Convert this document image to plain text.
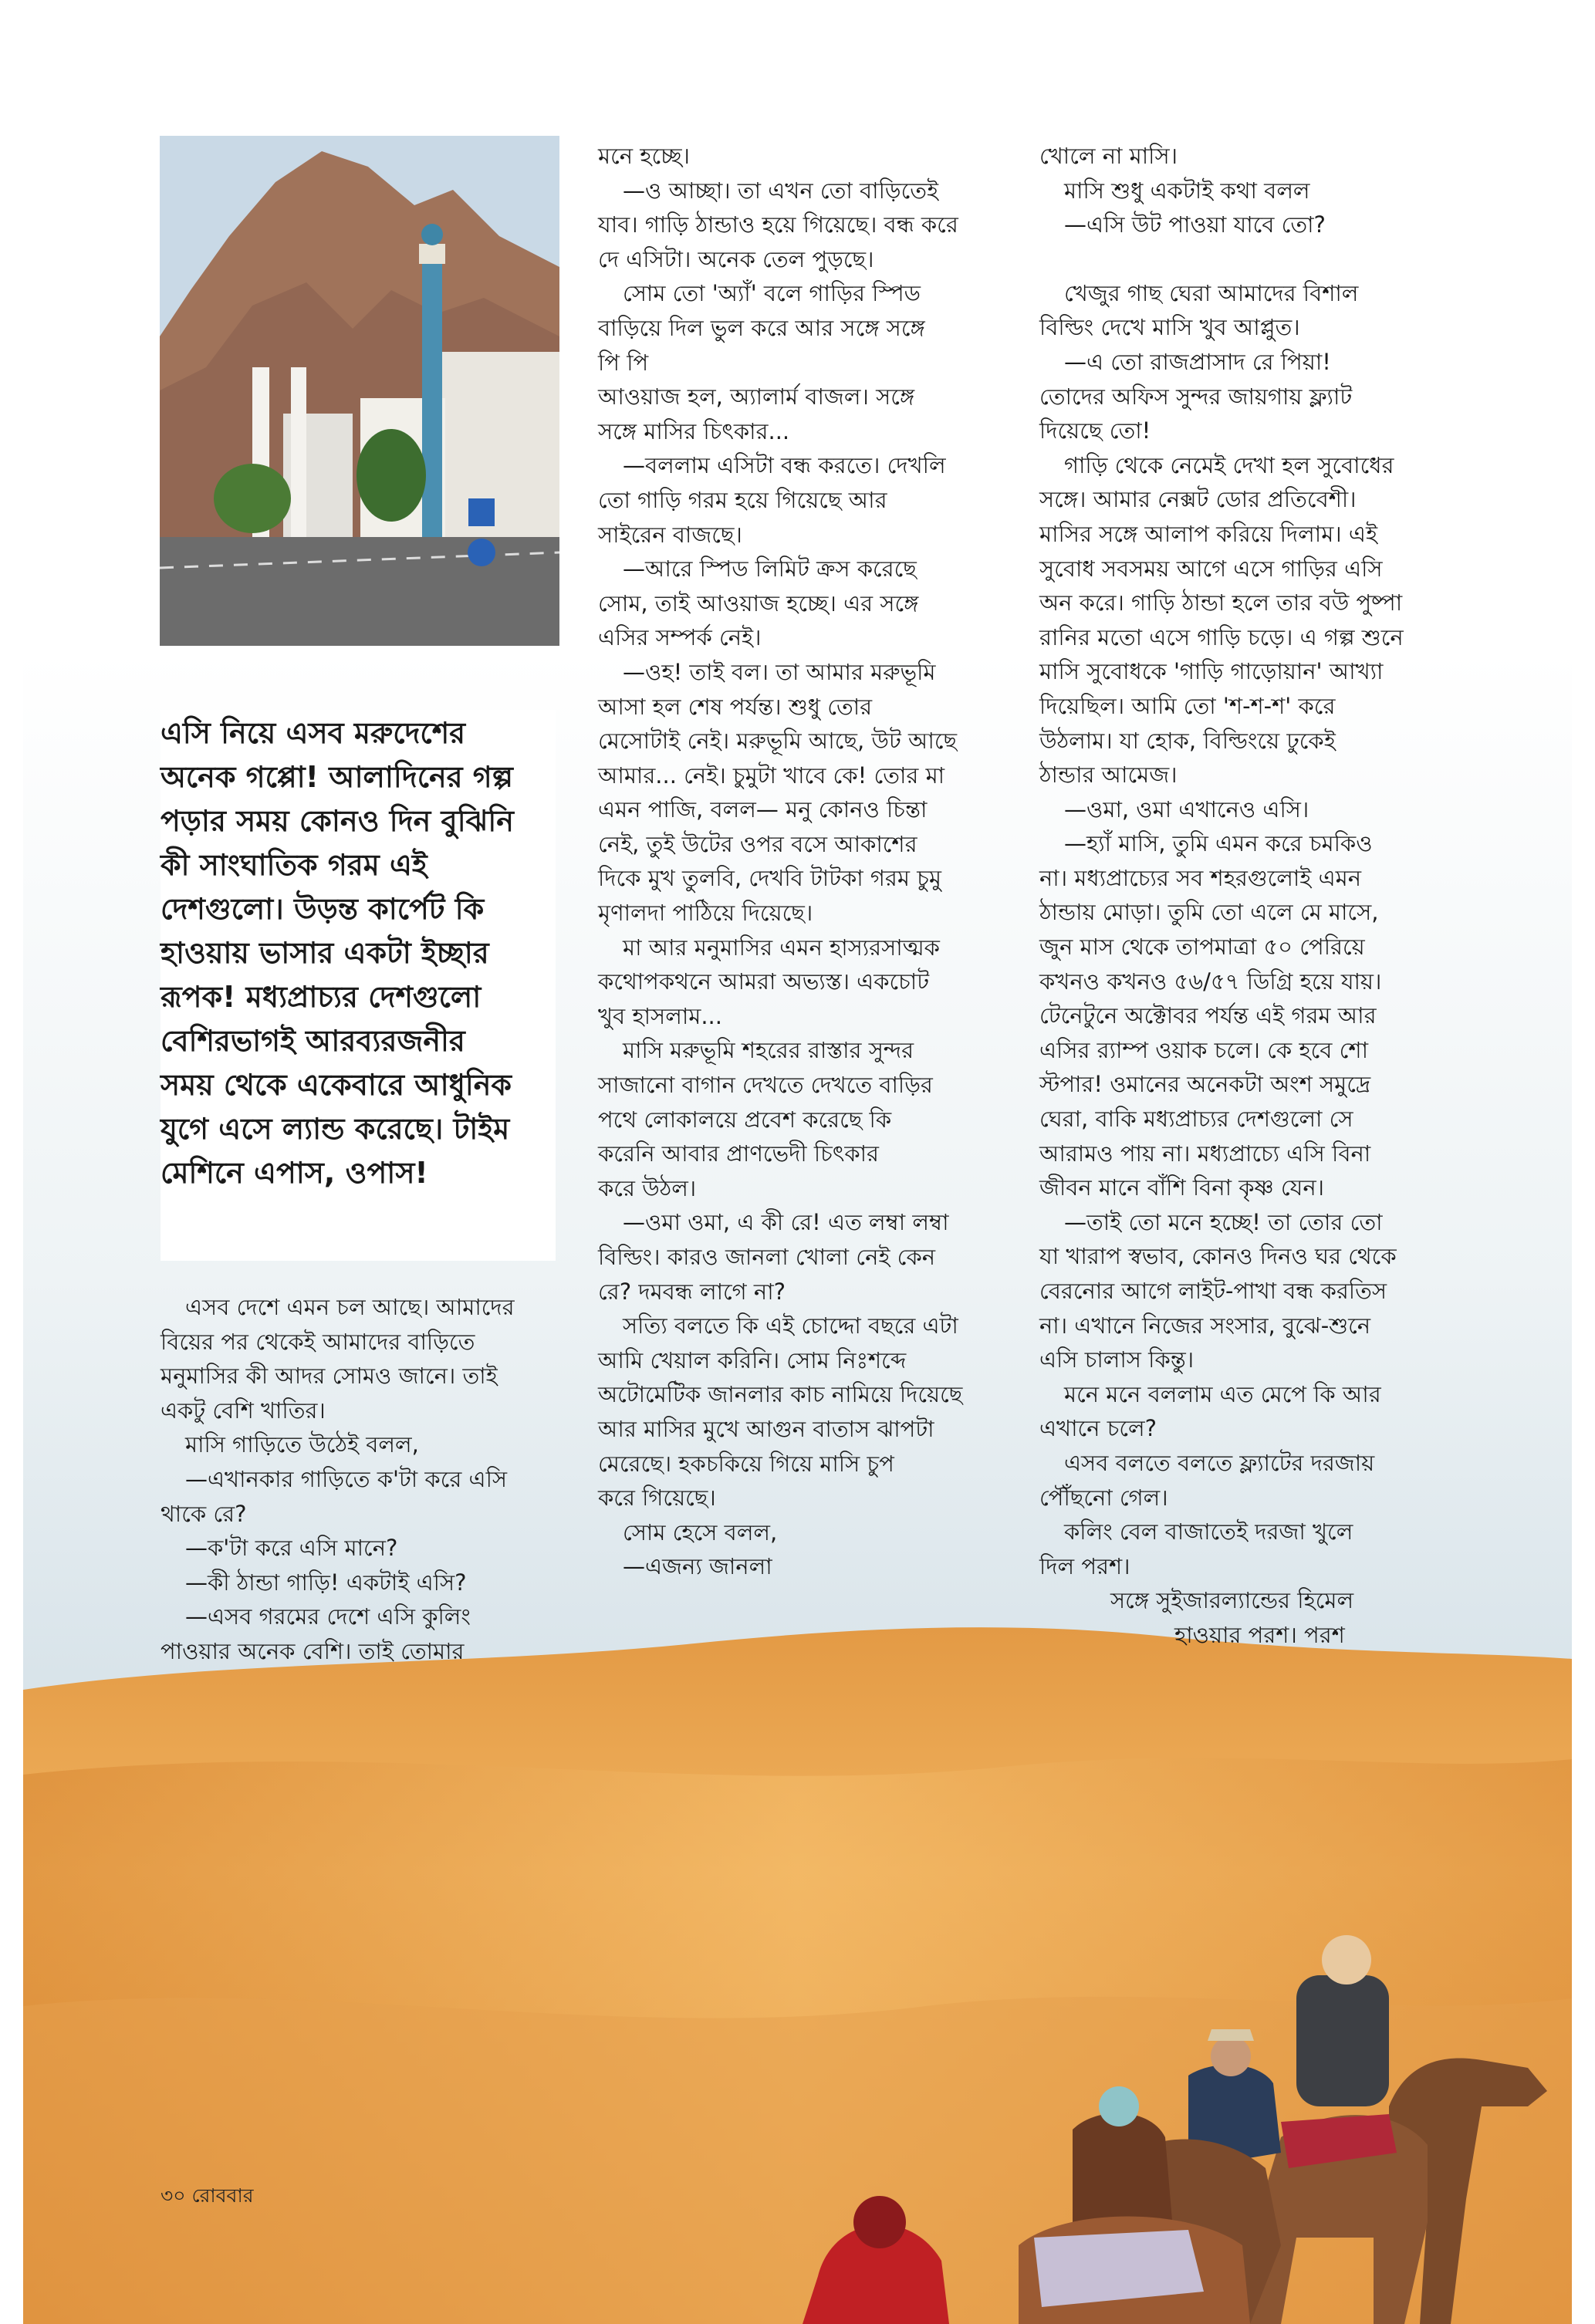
এসি নিয়ে এসব মরুদেশের

অনেক গপ্পো! আলাদিনের গল্প

পড়ার সময় কোনও দিন বুঝিনি

কী সাংঘাতিক গরম এই

দেশগুলো। উড়ন্ত কার্পেট কি

হাওয়ায় ভাসার একটা ইচ্ছার

রূপক! মধ্যপ্রাচ্যর দেশগুলো

বেশিরভাগই আরব্যরজনীর

সময় থেকে একেবারে আধুনিক

যুগে এসে ল্যান্ড করেছে। টাইম

মেশিনে এপাস, ওপাস!

এসব দেশে এমন চল আছে। আমাদের

বিয়ের পর থেকেই আমাদের বাড়িতে

মনুমাসির কী আদর সোমও জানে। তাই

একটু বেশি খাতির।

মাসি গাড়িতে উঠেই বলল,

—এখানকার গাড়িতে ক'টা করে এসি

থাকে রে?

—ক'টা করে এসি মানে?

—কী ঠান্ডা গাড়ি! একটাই এসি?

—এসব গরমের দেশে এসি কুলিং

পাওয়ার অনেক বেশি। তাই তোমার

মনে হচ্ছে।

—ও আচ্ছা। তা এখন তো বাড়িতেই

যাব। গাড়ি ঠান্ডাও হয়ে গিয়েছে। বন্ধ করে

দে এসিটা। অনেক তেল পুড়ছে।

সোম তো 'অ্যাঁ' বলে গাড়ির স্পিড

বাড়িয়ে দিল ভুল করে আর সঙ্গে সঙ্গে

পি পি

আওয়াজ হল, অ্যালার্ম বাজল। সঙ্গে

সঙ্গে মাসির চিৎকার...

—বললাম এসিটা বন্ধ করতে। দেখলি

তো গাড়ি গরম হয়ে গিয়েছে আর

সাইরেন বাজছে।

—আরে স্পিড লিমিট ক্রস করেছে

সোম, তাই আওয়াজ হচ্ছে। এর সঙ্গে

এসির সম্পর্ক নেই।

—ওহ! তাই বল। তা আমার মরুভূমি

আসা হল শেষ পর্যন্ত। শুধু তোর

মেসোটাই নেই। মরুভূমি আছে, উট আছে

আমার... নেই। চুমুটা খাবে কে! তোর মা

এমন পাজি, বলল— মনু কোনও চিন্তা

নেই, তুই উটের ওপর বসে আকাশের

দিকে মুখ তুলবি, দেখবি টাটকা গরম চুমু

মৃণালদা পাঠিয়ে দিয়েছে।

মা আর মনুমাসির এমন হাস্যরসাত্মক

কথোপকথনে আমরা অভ্যস্ত। একচোট

খুব হাসলাম...

মাসি মরুভূমি শহরের রাস্তার সুন্দর

সাজানো বাগান দেখতে দেখতে বাড়ির

পথে লোকালয়ে প্রবেশ করেছে কি

করেনি আবার প্রাণভেদী চিৎকার

করে উঠল।

—ওমা ওমা, এ কী রে! এত লম্বা লম্বা

বিল্ডিং। কারও জানলা খোলা নেই কেন

রে? দমবন্ধ লাগে না?

সত্যি বলতে কি এই চোদ্দো বছরে এটা

আমি খেয়াল করিনি। সোম নিঃশব্দে

অটোমেটিক জানলার কাচ নামিয়ে দিয়েছে

আর মাসির মুখে আগুন বাতাস ঝাপটা

মেরেছে। হকচকিয়ে গিয়ে মাসি চুপ

করে গিয়েছে।

সোম হেসে বলল,

—এজন্য জানলা

খোলে না মাসি।

মাসি শুধু একটাই কথা বলল

—এসি উট পাওয়া যাবে তো?

খেজুর গাছ ঘেরা আমাদের বিশাল

বিল্ডিং দেখে মাসি খুব আপ্লুত।

—এ তো রাজপ্রাসাদ রে পিয়া!

তোদের অফিস সুন্দর জায়গায় ফ্ল্যাট

দিয়েছে তো!

গাড়ি থেকে নেমেই দেখা হল সুবোধের

সঙ্গে। আমার নেক্সট ডোর প্রতিবেশী।

মাসির সঙ্গে আলাপ করিয়ে দিলাম। এই

সুবোধ সবসময় আগে এসে গাড়ির এসি

অন করে। গাড়ি ঠান্ডা হলে তার বউ পুষ্পা

রানির মতো এসে গাড়ি চড়ে। এ গল্প শুনে

মাসি সুবোধকে 'গাড়ি গাড়োয়ান' আখ্যা

দিয়েছিল। আমি তো 'শ-শ-শ' করে

উঠলাম। যা হোক, বিল্ডিংয়ে ঢুকেই

ঠান্ডার আমেজ।

—ওমা, ওমা এখানেও এসি।

—হ্যাঁ মাসি, তুমি এমন করে চমকিও

না। মধ্যপ্রাচ্যের সব শহরগুলোই এমন

ঠান্ডায় মোড়া। তুমি তো এলে মে মাসে,

জুন মাস থেকে তাপমাত্রা ৫০ পেরিয়ে

কখনও কখনও ৫৬/৫৭ ডিগ্রি হয়ে যায়।

টেনেটুনে অক্টোবর পর্যন্ত এই গরম আর

এসির র‍্যাম্প ওয়াক চলে। কে হবে শো

স্টপার! ওমানের অনেকটা অংশ সমুদ্রে

ঘেরা, বাকি মধ্যপ্রাচ্যর দেশগুলো সে

আরামও পায় না। মধ্যপ্রাচ্যে এসি বিনা

জীবন মানে বাঁশি বিনা কৃষ্ণ যেন।

—তাই তো মনে হচ্ছে! তা তোর তো

যা খারাপ স্বভাব, কোনও দিনও ঘর থেকে

বেরনোর আগে লাইট-পাখা বন্ধ করতিস

না। এখানে নিজের সংসার, বুঝে-শুনে

এসি চালাস কিন্তু।

মনে মনে বললাম এত মেপে কি আর

এখানে চলে?

এসব বলতে বলতে ফ্ল্যাটের দরজায়

পৌঁছনো গেল।

কলিং বেল বাজাতেই দরজা খুলে

দিল পরশ।

সঙ্গে সুইজারল্যান্ডের হিমেল

হাওয়ার পরশ। পরশ

৩০ রোববার
